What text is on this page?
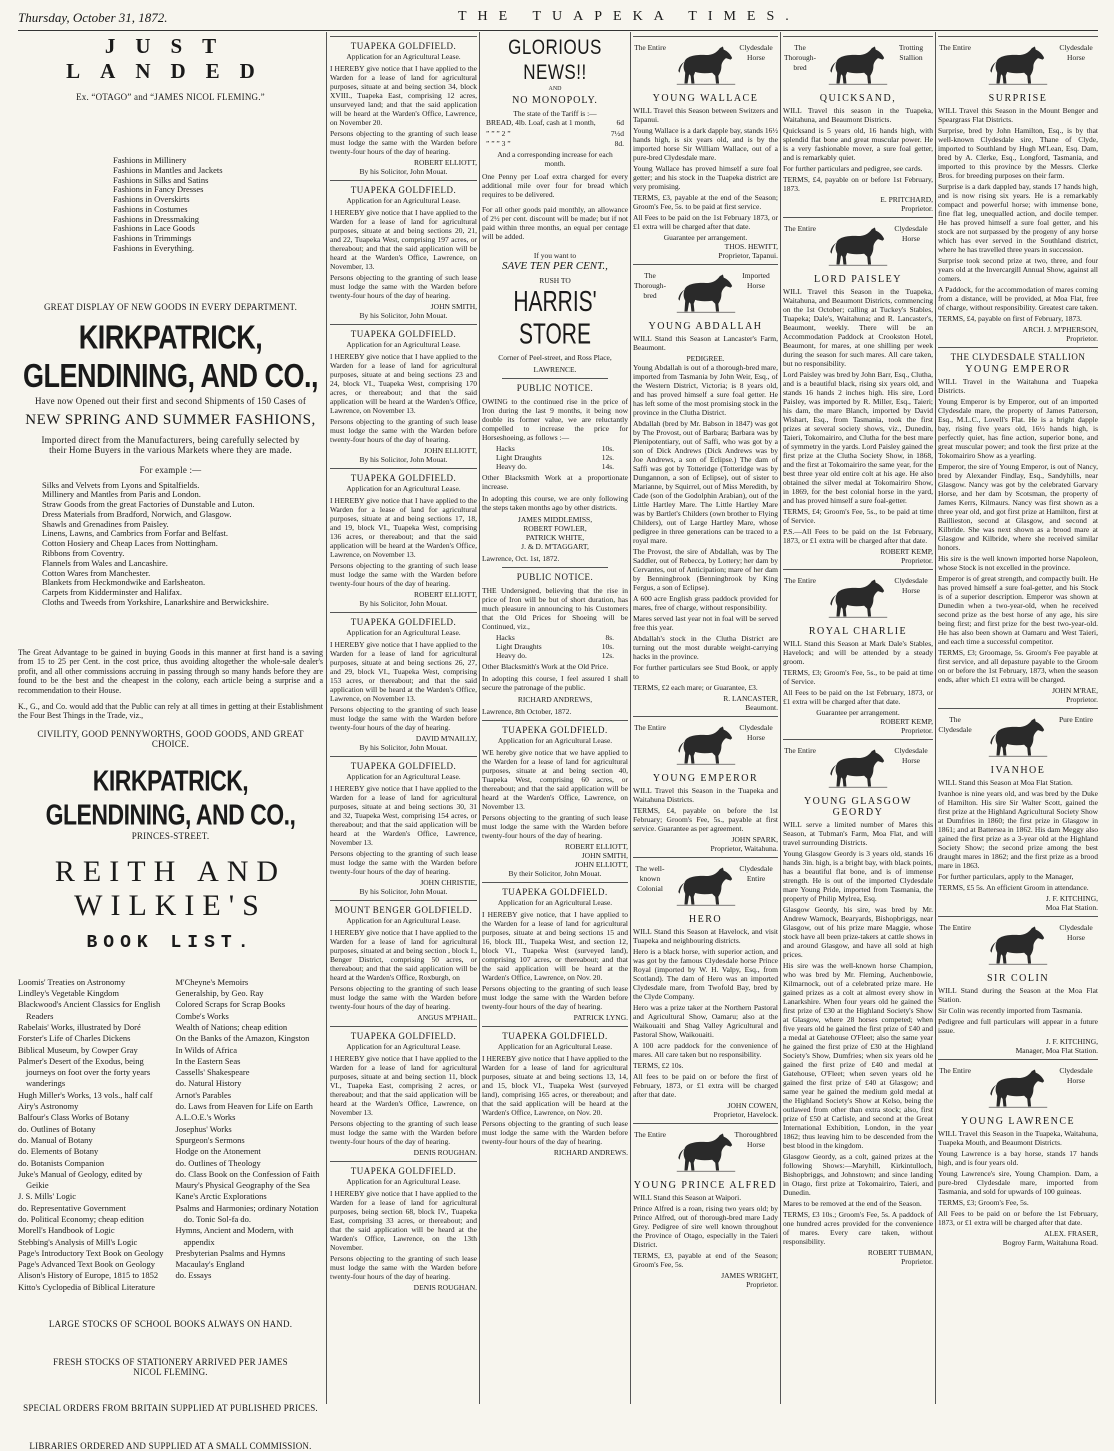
Thursday, October 31, 1872.	THE TUAPEKA TIMES.
JUST LANDED
Ex. “OTAGO” and “JAMES NICOL FLEMING.”
Fashions in Millinery
Fashions in Mantles and Jackets
Fashions in Silks and Satins
Fashions in Fancy Dresses
Fashions in Overskirts
Fashions in Costumes
Fashions in Dressmaking
Fashions in Lace Goods
Fashions in Trimmings
Fashions in Everything.
GREAT DISPLAY OF NEW GOODS IN EVERY DEPARTMENT.
KIRKPATRICK, GLENDINING, AND CO.,
Have now Opened out their first and second Shipments of 150 Cases of
NEW SPRING AND SUMMER FASHIONS,
Imported direct from the Manufacturers, being carefully selected by their Home Buyers in the various Markets where they are made.
For example :—
Silks and Velvets from Lyons and Spitalfields.
Millinery and Mantles from Paris and London.
Straw Goods from the great Factories of Dunstable and Luton.
Dress Materials from Bradford, Norwich, and Glasgow.
Shawls and Grenadines from Paisley.
Linens, Lawns, and Cambrics from Forfar and Belfast.
Cotton Hosiery and Cheap Laces from Nottingham.
Ribbons from Coventry.
Flannels from Wales and Lancashire.
Cotton Wares from Manchester.
Blankets from Heckmondwike and Earlsheaton.
Carpets from Kidderminster and Halifax.
Cloths and Tweeds from Yorkshire, Lanarkshire and Berwickshire.
The Great Advantage to be gained in buying Goods in this manner at first hand is a saving from 15 to 25 per Cent. in the cost price, thus avoiding altogether the whole-sale dealer's profit, and all other commissions accruing in passing through so many hands before they are found to be the best and the cheapest in the colony, each article being a surprise and a recommendation to their House.
K., G., and Co. would add that the Public can rely at all times in getting at their Establishment the Four Best Things in the Trade, viz.,
CIVILITY, GOOD PENNYWORTHS, GOOD GOODS, AND GREAT CHOICE.
KIRKPATRICK, GLENDINING, AND CO.,
PRINCES-STREET.
REITH AND WILKIE'S
BOOK LIST.
Loomis' Treaties on Astronomy
Lindley's Vegetable Kingdom
Blackwood's Ancient Classics for English Readers
Rabelais' Works, illustrated by Doré
Forster's Life of Charles Dickens
Biblical Museum, by Cowper Gray
Palmer's Desert of the Exodus, being journeys on foot over the forty years wanderings
Hugh Miller's Works, 13 vols., half calf
Airy's Astronomy
Balfour's Class Works of Botany
do. Outlines of Botany
do. Manual of Botany
do. Elements of Botany
do. Botanists Companion
Juke's Manual of Geology, edited by Geikie
J. S. Mills' Logic
do. Representative Government
do. Political Economy; cheap edition
Morell's Handbook of Logic
Stebbing's Analysis of Mill's Logic
Page's Introductory Text Book on Geology
Page's Advanced Text Book on Geology
Alison's History of Europe, 1815 to 1852
Kitto's Cyclopedia of Biblical Literature
M'Cheyne's Memoirs
Generalship, by Geo. Ray
Colored Scraps for Scrap Books
Combe's Works
Wealth of Nations; cheap edition
On the Banks of the Amazon, Kingston
In Wilds of Africa
In the Eastern Seas
Cassells' Shakespeare
do. Natural History
Arnot's Parables
do. Laws from Heaven for Life on Earth
A.L.O.E.'s Works
Josephus' Works
Spurgeon's Sermons
Hodge on the Atonement
do. Outlines of Theology
do. Class Book on the Confession of Faith
Maury's Physical Geography of the Sea
Kane's Arctic Explorations
Psalms and Harmonies; ordinary Notation do. Tonic Sol-fa do.
Hymns, Ancient and Modern, with appendix
Presbyterian Psalms and Hymns
Macaulay's England
do. Essays
LARGE STOCKS OF SCHOOL BOOKS ALWAYS ON HAND.
FRESH STOCKS OF STATIONERY ARRIVED PER JAMES NICOL FLEMING.
SPECIAL ORDERS FROM BRITAIN SUPPLIED AT PUBLISHED PRICES.
LIBRARIES ORDERED AND SUPPLIED AT A SMALL COMMISSION.
TUAPEKA GOLDFIELD.
Application for an Agricultural Lease.
I HEREBY give notice that I have applied to the Warden for a lease of land for agricultural purposes, situate at and being section 34, block XVIII., Tuapeka East, comprising 12 acres, unsurveyed land; and that the said application will be heard at the Warden's Office, Lawrence, on November 20.
Persons objecting to the granting of such lease must lodge the same with the Warden before twenty-four hours of the day of hearing.
ROBERT ELLIOTT,
By his Solicitor, John Mouat.
TUAPEKA GOLDFIELD.
Application for an Agricultural Lease.
I HEREBY give notice that I have applied to the Warden for a lease of land for agricultural purposes, situate at and being sections 20, 21, and 22, Tuapeka West, comprising 197 acres, or thereabout; and that the said application will be heard at the Warden's Office, Lawrence, on November, 13.
Persons objecting to the granting of such lease must lodge the same with the Warden before twenty-four hours of the day of hearing.
JOHN SMITH,
By his Solicitor, John Mouat.
TUAPEKA GOLDFIELD.
Application for an Agricultural Lease.
I HEREBY give notice that I have applied to the Warden for a lease of land for agricultural purposes, situate at and being sections 23 and 24, block VI., Tuapeka West, comprising 170 acres, or thereabout; and that the said application will be heard at the Warden's Office, Lawrence, on November 13.
Persons objecting to the granting of such lease must lodge the same with the Warden before twenty-four hours of the day of hearing.
JOHN ELLIOTT,
By his Solicitor, John Mouat.
TUAPEKA GOLDFIELD.
Application for an Agricultural Lease.
I HEREBY give notice that I have applied to the Warden for a lease of land for agricultural purposes, situate at and being sections 17, 18, and 19, block VI., Tuapeka West, comprising 136 acres, or thereabout; and that the said application will be heard at the Warden's Office, Lawrence, on November 13.
Persons objecting to the granting of such lease must lodge the same with the Warden before twenty-four hours of the day of hearing.
ROBERT ELLIOTT,
By his Solicitor, John Mouat.
TUAPEKA GOLDFIELD.
Application for an Agricultural Lease.
I HEREBY give notice that I have applied to the Warden for a lease of land for agricultural purposes, situate at and being sections 26, 27, and 29, block VI., Tuapeka West, comprising 153 acres, or thereabout; and that the said application will be heard at the Warden's Office, Lawrence, on November 13.
Persons objecting to the granting of such lease must lodge the same with the Warden before twenty-four hours of the day of hearing.
DAVID M'NAILLY,
By his Solicitor, John Mouat.
TUAPEKA GOLDFIELD.
Application for an Agricultural Lease.
I HEREBY give notice that I have applied to the Warden for a lease of land for agricultural purposes, situate at and being sections 30, 31 and 32, Tuapeka West, comprising 154 acres, or thereabout; and that the said application will be heard at the Warden's Office, Lawrence, November 13.
Persons objecting to the granting of such lease must lodge the same with the Warden before twenty-four hours of the day of hearing.
JOHN CHRISTIE,
By his Solicitor, John Mouat.
MOUNT BENGER GOLDFIELD.
Application for an Agricultural Lease.
I HEREBY give notice that I have applied to the Warden for a lease of land for agricultural purposes, situated at and being section , block I., Benger District, comprising 50 acres, or thereabout; and that the said application will be heard at the Warden's Office, Roxburgh, on
Persons objecting to the granting of such lease must lodge the same with the Warden before twenty-four hours of the day of hearing.
ANGUS M'PHAIL.
TUAPEKA GOLDFIELD.
Application for an Agricultural Lease.
I HEREBY give notice that I have applied to the Warden for a lease of land for agricultural purposes, situate at and being section 11, block VI., Tuapeka East, comprising 2 acres, or thereabout; and that the said application will be heard at the Warden's Office, Lawrence, on November 13.
Persons objecting to the granting of such lease must lodge the same with the Warden before twenty-four hours of the day of hearing.
DENIS ROUGHAN.
TUAPEKA GOLDFIELD.
Application for an Agricultural Lease.
I HEREBY give notice that I have applied to the Warden for a lease of land for agricultural purposes, being section 68, block IV., Tuapeka East, comprising 33 acres, or thereabout; and that the said application will be heard at the Warden's Office, Lawrence, on the 13th November.
Persons objecting to the granting of such lease must lodge the same with the Warden before twenty-four hours of the day of hearing.
DENIS ROUGHAN.
GLORIOUS NEWS!!
AND
NO MONOPOLY.
The state of the Tariff is :—
BREAD, 4lb. Loaf, cash at 1 month,	6d
” ” ” 2 ”	7½d
” ” ” 3 ”	8d.
And a corresponding increase for each month.
One Penny per Loaf extra charged for every additional mile over four for bread which requires to be delivered.
For all other goods paid monthly, an allowance of 2½ per cent. discount will be made; but if not paid within three months, an equal per centage will be added.
If you want to
SAVE TEN PER CENT.,
RUSH TO
HARRIS' STORE
Corner of Peel-street, and Ross Place,
LAWRENCE.
PUBLIC NOTICE.
OWING to the continued rise in the price of Iron during the last 9 months, it being now double its former value, we are reluctantly compelled to increase the price for Horseshoeing, as follows :—
Hacks	10s.
Light Draughts	12s.
Heavy do.	14s.
Other Blacksmith Work at a proportionate increase.
In adopting this course, we are only following the steps taken months ago by other districts.
JAMES MIDDLEMISS,
ROBERT FOWLER,
PATRICK WHITE,
J. & D. M'TAGGART,
Lawrence, Oct. 1st, 1872.
PUBLIC NOTICE.
THE Undersigned, believing that the rise in price of Iron will be but of short duration, has much pleasure in announcing to his Customers that the Old Prices for Shoeing will be Continued, viz.,
Hacks	8s.
Light Draughts	10s.
Heavy do.	12s.
Other Blacksmith's Work at the Old Price.
In adopting this course, I feel assured I shall secure the patronage of the public.
RICHARD ANDREWS,
Lawrence, 8th October, 1872.
TUAPEKA GOLDFIELD.
Application for an Agricultural Lease.
WE hereby give notice that we have applied to the Warden for a lease of land for agricultural purposes, situate at and being section 40, Tuapeka West, comprising 60 acres, or thereabout; and that the said application will be heard at the Warden's Office, Lawrence, on November 13.
Persons objecting to the granting of such lease must lodge the same with the Warden before twenty-four hours of the day of hearing.
ROBERT ELLIOTT,
JOHN SMITH,
JOHN ELLIOTT,
By their Solicitor, John Mouat.
TUAPEKA GOLDFIELD.
Application for an Agricultural Lease.
I HEREBY give notice, that I have applied to the Warden for a lease of land for agricultural purposes, situate at and being sections 15 and 16, block III., Tuapeka West, and section 12, block VI., Tuapeka West (surveyed land), comprising 107 acres, or thereabout; and that the said application will be heard at the Warden's Office, Lawrence, on Nov. 20.
Persons objecting to the granting of such lease must lodge the same with the Warden before twenty-four hours of the day of hearing.
PATRICK LYNG.
TUAPEKA GOLDFIELD.
Application for an Agricultural Lease.
I HEREBY give notice that I have applied to the Warden for a lease of land for agricultural purposes, situate at and being sections 13, 14, and 15, block VI., Tuapeka West (surveyed land), comprising 165 acres, or thereabout; and that the said application will be heard at the Warden's Office, Lawrence, on Nov. 20.
Persons objecting to the granting of such lease must lodge the same with the Warden before twenty-four hours of the day of hearing.
RICHARD ANDREWS.
The Entire	Clydesdale Horse
YOUNG WALLACE
WILL Travel this Season between Switzers and Tapanui.
Young Wallace is a dark dapple bay, stands 16½ hands high, is six years old, and is by the imported horse Sir William Wallace, out of a pure-bred Clydesdale mare.
Young Wallace has proved himself a sure foal getter; and his stock in the Tuapeka district are very promising.
TERMS, £3, payable at the end of the Season; Groom's Fee, 5s. to be paid at first service.
All Fees to be paid on the 1st February 1873, or £1 extra will be charged after that date.
Guarantee per arrangement.
THOS. HEWITT,
Proprietor, Tapanui.
The Thorough-bred
Imported Horse
YOUNG ABDALLAH
WILL Stand this Season at Lancaster's Farm, Beaumont.
PEDIGREE.
Young Abdallah is out of a thorough-bred mare, imported from Tasmania by John Weir, Esq., of the Western District, Victoria; is 8 years old, and has proved himself a sure foal getter. He has left some of the most promising stock in the province in the Clutha District.
Abdallah (bred by Mr. Babson in 1847) was got by The Provost, out of Barbara; Barbara was by Plenipotentiary, out of Saffi, who was got by a son of Dick Andrews (Dick Andrews was by Joe Andrews, a son of Eclipse.) The dam of Saffi was got by Totteridge (Totteridge was by Dungannon, a son of Eclipse), out of sister to Marianne, by Squirrel, out of Miss Meredith, by Cade (son of the Godolphin Arabian), out of the Little Hartley Mare. The Little Hartley Mare was by Bartlet's Childers (own brother to Flying Childers), out of Large Hartley Mare, whose pedigree in three generations can be traced to a royal mare.
The Provost, the sire of Abdallah, was by The Saddler, out of Rebecca, by Lottery; her dam by Cervantes, out of Anticipation; mare of her dam by Benningbrook (Benningbrook by King Fergus, a son of Eclipse).
A 600 acre English grass paddock provided for mares, free of charge, without responsibility.
Mares served last year not in foal will be served free this year.
Abdallah's stock in the Clutha District are turning out the most durable weight-carrying hacks in the province.
For further particulars see Stud Book, or apply to
TERMS, £2 each mare; or Guarantee, £3.
R. LANCASTER,
Beaumont.
The Entire	Clydesdale Horse
YOUNG EMPEROR
WILL Travel this Season in the Tuapeka and Waitahuna Districts.
TERMS, £4, payable on before the 1st February; Groom's Fee, 5s., payable at first service. Guarantee as per agreement.
JOHN SPARK,
Proprietor, Waitahuna.
The well-known Colonial
Clydesdale Entire
HERO
WILL Stand this Season at Havelock, and visit Tuapeka and neighbouring districts.
Hero is a black horse, with superior action, and was got by the famous Clydesdale horse Prince Royal (imported by W. H. Valpy, Esq., from Scotland). The dam of Hero was an imported Clydesdale mare, from Twofold Bay, bred by the Clyde Company.
Hero was a prize taker at the Northern Pastoral and Agricultural Show, Oamaru; also at the Waikouaiti and Shag Valley Agricultural and Pastoral Show, Waikouaiti.
A 100 acre paddock for the convenience of mares. All care taken but no responsibility.
TERMS, £2 10s.
All fees to be paid on or before the first of February, 1873, or £1 extra will be charged after that date.
JOHN COWEN,
Proprietor, Havelock.
The Entire	Thoroughbred Horse
YOUNG PRINCE ALFRED
WILL Stand this Season at Waipori.
Prince Alfred is a roan, rising two years old; by Prince Alfred, out of thorough-bred mare Lady Grey. Pedigree of sire well known throughout the Province of Otago, especially in the Taieri District.
TERMS, £3, payable at end of the Season; Groom's Fee, 5s.
JAMES WRIGHT,
Proprietor.
The Thorough-bred
Trotting Stallion
QUICKSAND,
WILL Travel this season in the Tuapeka, Waitahuna, and Beaumont Districts.
Quicksand is 5 years old, 16 hands high, with splendid flat bone and great muscular power. He is a very fashionable mover, a sure foal getter, and is remarkably quiet.
For further particulars and pedigree, see cards.
TERMS, £4, payable on or before 1st February, 1873.
E. PRITCHARD,
Proprietor.
The Entire	Clydesdale Horse
LORD PAISLEY
WILL Travel this Season in the Tuapeka, Waitahuna, and Beaumont Districts, commencing on the 1st October; calling at Tuckey's Stables, Tuapeka; Dale's, Waitahuna; and R. Lancaster's, Beaumont, weekly. There will be an Accommodation Paddock at Crookston Hotel, Beaumont, for mares, at one shilling per week during the season for such mares. All care taken, but no responsibility.
Lord Paisley was bred by John Barr, Esq., Clutha, and is a beautiful black, rising six years old, and stands 16 hands 2 inches high. His sire, Lord Paisley, was imported by R. Miller, Esq., Taieri; his dam, the mare Blanch, imported by David Wishart, Esq., from Tasmania, took the first prizes at several society shows, viz., Dunedin, Taieri, Tokomairiro, and Clutha for the best mare of symmetry in the yards. Lord Paisley gained the first prize at the Clutha Society Show, in 1868, and the first at Tokomairiro the same year, for the best three year old entire colt at his age. He also obtained the silver medal at Tokomairiro Show, in 1869, for the best colonial horse in the yard, and has proved himself a sure foal-getter.
TERMS, £4; Groom's Fee, 5s., to be paid at time of Service.
P.S.—All Fees to be paid on the 1st February, 1873, or £1 extra will be charged after that date.
ROBERT KEMP,
Proprietor.
The Entire	Clydesdale Horse
ROYAL CHARLIE
WILL Stand this Season at Mark Dale's Stables, Havelock; and will be attended by a steady groom.
TERMS, £3; Groom's Fee, 5s., to be paid at time of Service.
All Fees to be paid on the 1st February, 1873, or £1 extra will be charged after that date.
Guarantee per arrangement.
ROBERT KEMP,
Proprietor.
The Entire	Clydesdale Horse
YOUNG GLASGOW GEORDY
WILL serve a limited number of Mares this Season, at Tubman's Farm, Moa Flat, and will travel surrounding Districts.
Young Glasgow Geordy is 3 years old, stands 16 hands 3in. high, is a bright bay, with black points, has a beautiful flat bone, and is of immense strength. He is out of the imported Clydesdale mare Young Pride, imported from Tasmania, the property of Philip Mylrea, Esq.
Glasgow Geordy, his sire, was bred by Mr. Andrew Warnock, Bearyards, Bishopbriggs, near Glasgow, out of his prize mare Maggie, whose stock have all been prize-takers at cattle shows in and around Glasgow, and have all sold at high prices.
His sire was the well-known horse Champion, who was bred by Mr. Fleming, Auchenbowie, Kilmarnock, out of a celebrated prize mare. He gained prizes as a colt at almost every show in Lanarkshire. When four years old he gained the first prize of £30 at the Highland Society's Show at Glasgow, where 28 horses competed; when five years old he gained the first prize of £40 and a medal at Gatehouse O'Fleet; also the same year he gained the first prize of £30 at the Highland Society's Show, Dumfries; when six years old he gained the first prize of £40 and medal at Gatehouse, O'Fleet; when seven years old he gained the first prize of £40 at Glasgow; and same year he gained the medium gold medal at the Highland Society's Show at Kelso, being the outlawed from other than extra stock; also, first prize of £50 at Carlisle, and second at the Great International Exhibition, London, in the year 1862; thus leaving him to be descended from the best blood in the kingdom.
Glasgow Geordy, as a colt, gained prizes at the following Shows:—Maryhill, Kirkintulloch, Bishopbriggs, and Johnstown; and since landing in Otago, first prize at Tokomairiro, Taieri, and Dunedin.
Mares to be removed at the end of the Season.
TERMS, £3 10s.; Groom's Fee, 5s. A paddock of one hundred acres provided for the convenience of mares. Every care taken, without responsibility.
ROBERT TUBMAN,
Proprietor.
The Entire	Clydesdale Horse
SURPRISE
WILL Travel this Season in the Mount Benger and Speargrass Flat Districts.
Surprise, bred by John Hamilton, Esq., is by that well-known Clydesdale sire, Thane of Clyde, imported to Southland by Hugh M'Lean, Esq. Dam, bred by A. Clerke, Esq., Longford, Tasmania, and imported to this province by the Messrs. Clerke Bros. for breeding purposes on their farm.
Surprise is a dark dappled bay, stands 17 hands high, and is now rising six years. He is a remarkably compact and powerful horse; with immense bone, fine flat leg, unequalled action, and docile temper. He has proved himself a sure foal getter, and his stock are not surpassed by the progeny of any horse which has ever served in the Southland district, where he has travelled three years in succession.
Surprise took second prize at two, three, and four years old at the Invercargill Annual Show, against all comers.
A Paddock, for the accommodation of mares coming from a distance, will be provided, at Moa Flat, free of charge, without responsibility. Greatest care taken.
TERMS, £4, payable on first of February, 1873.
ARCH. J. M'PHERSON,
Proprietor.
THE CLYDESDALE STALLION
YOUNG EMPEROR
WILL Travel in the Waitahuna and Tuapeka Districts.
Young Emperor is by Emperor, out of an imported Clydesdale mare, the property of James Patterson, Esq., M.L.C., Lovell's Flat. He is a bright dapple bay, rising five years old, 16½ hands high, is perfectly quiet, has fine action, superior bone, and great muscular power; and took the first prize at the Tokomairiro Show as a yearling.
Emperor, the sire of Young Emperor, is out of Nancy, bred by Alexander Findlay, Esq., Sandyhills, near Glasgow. Nancy was got by the celebrated Garvary Horse, and her dam by Scotsman, the property of James Kerrs, Kilmaurs. Nancy was first shown as a three year old, and got first prize at Hamilton, first at Baillieston, second at Glasgow, and second at Kilbride. She was next shown as a brood mare at Glasgow and Kilbride, where she received similar honors.
His sire is the well known imported horse Napoleon, whose Stock is not excelled in the province.
Emperor is of great strength, and compactly built. He has proved himself a sure foal-getter, and his Stock is of a superior description. Emperor was shown at Dunedin when a two-year-old, when he received second prize as the best horse of any age, his sire being first; and first prize for the best two-year-old. He has also been shown at Oamaru and West Taieri, and each time a successful competitor.
TERMS, £3; Groomage, 5s. Groom's Fee payable at first service, and all depasture payable to the Groom on or before the 1st February, 1873, when the season ends, after which £1 extra will be charged.
JOHN M'RAE,
Proprietor.
The Clydesdale
Pure Entire
IVANHOE
WILL Stand this Season at Moa Flat Station.
Ivanhoe is nine years old, and was bred by the Duke of Hamilton. His sire Sir Walter Scott, gained the first prize at the Highland Agricultural Society Show at Dumfries in 1860; the first prize in Glasgow in 1861; and at Battersea in 1862. His dam Meggy also gained the first prize as a 3-year old at the Highland Society Show; the second prize among the best draught mares in 1862; and the first prize as a brood mare in 1863.
For further particulars, apply to the Manager,
TERMS, £5 5s. An efficient Groom in attendance.
J. F. KITCHING,
Moa Flat Station.
The Entire	Clydesdale Horse
SIR COLIN
WILL Stand during the Season at the Moa Flat Station.
Sir Colin was recently imported from Tasmania.
Pedigree and full particulars will appear in a future issue.
J. F. KITCHING,
Manager, Moa Flat Station.
The Entire	Clydesdale Horse
YOUNG LAWRENCE
WILL Travel this Season in the Tuapeka, Waitahuna, Tuapeka Mouth, and Beaumont Districts.
Young Lawrence is a bay horse, stands 17 hands high, and is four years old.
Young Lawrence's sire, Young Champion. Dam, a pure-bred Clydesdale mare, imported from Tasmania, and sold for upwards of 100 guineas.
TERMS, £3; Groom's Fee, 5s.
All Fees to be paid on or before the 1st February, 1873, or £1 extra will be charged after that date.
ALEX. FRASER,
Bogroy Farm, Waitahuna Road.
